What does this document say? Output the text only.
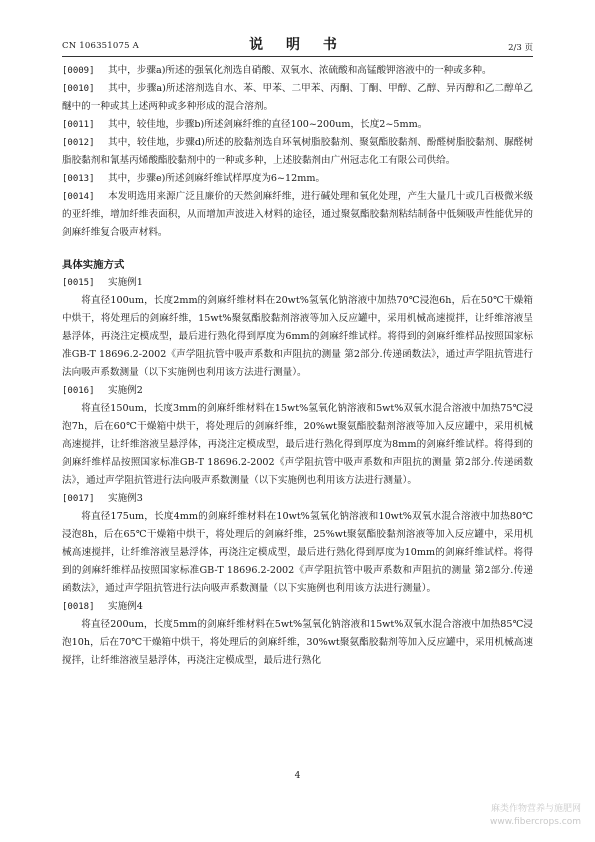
CN 106351075 A	说 明 书	2/3 页

[0009] 其中，步骤a)所述的强氧化剂选自硝酸、双氧水、浓硫酸和高锰酸钾溶液中的一种或多种。

[0010] 其中，步骤a)所述溶剂选自水、苯、甲苯、二甲苯、丙酮、丁酮、甲醇、乙醇、异丙醇和乙二醇单乙醚中的一种或其上述两种或多种形成的混合溶剂。

[0011] 其中，较佳地，步骤b)所述剑麻纤维的直径100~200um，长度2~5mm。

[0012] 其中，较佳地，步骤d)所述的胶黏剂选自环氧树脂胶黏剂、聚氨酯胶黏剂、酚醛树脂胶黏剂、脲醛树脂胶黏剂和氰基丙烯酸酯胶黏剂中的一种或多种，上述胶黏剂由广州冠志化工有限公司供给。

[0013] 其中，步骤e)所述剑麻纤维试样厚度为6~12mm。

[0014] 本发明选用来源广泛且廉价的天然剑麻纤维，进行碱处理和氧化处理，产生大量几十或几百极微米级的亚纤维，增加纤维表面积，从而增加声波进入材料的途径，通过聚氨酯胶黏剂粘结制备中低频吸声性能优异的剑麻纤维复合吸声材料。

具体实施方式

[0015] 实施例1

将直径100um，长度2mm的剑麻纤维材料在20wt%氢氧化钠溶液中加热70℃浸泡6h，后在50℃干燥箱中烘干，将处理后的剑麻纤维，15wt%聚氨酯胶黏剂溶液等加入反应罐中，采用机械高速搅拌，让纤维溶液呈悬浮体，再浇注定模成型，最后进行熟化得到厚度为6mm的剑麻纤维试样。将得到的剑麻纤维样品按照国家标准GB-T 18696.2-2002《声学阻抗管中吸声系数和声阻抗的测量 第2部分.传递函数法》，通过声学阻抗管进行法向吸声系数测量（以下实施例也利用该方法进行测量）。

[0016] 实施例2

将直径150um，长度3mm的剑麻纤维材料在15wt%氢氧化钠溶液和5wt%双氧水混合溶液中加热75℃浸泡7h，后在60℃干燥箱中烘干，将处理后的剑麻纤维，20%wt聚氨酯胶黏剂溶液等加入反应罐中，采用机械高速搅拌，让纤维溶液呈悬浮体，再浇注定模成型，最后进行熟化得到厚度为8mm的剑麻纤维试样。将得到的剑麻纤维样品按照国家标准GB-T 18696.2-2002《声学阻抗管中吸声系数和声阻抗的测量 第2部分.传递函数法》，通过声学阻抗管进行法向吸声系数测量（以下实施例也利用该方法进行测量）。

[0017] 实施例3

将直径175um，长度4mm的剑麻纤维材料在10wt%氢氧化钠溶液和10wt%双氧水混合溶液中加热80℃浸泡8h，后在65℃干燥箱中烘干，将处理后的剑麻纤维，25%wt聚氨酯胶黏剂溶液等加入反应罐中，采用机械高速搅拌，让纤维溶液呈悬浮体，再浇注定模成型，最后进行熟化得到厚度为10mm的剑麻纤维试样。将得到的剑麻纤维样品按照国家标准GB-T 18696.2-2002《声学阻抗管中吸声系数和声阻抗的测量 第2部分.传递函数法》，通过声学阻抗管进行法向吸声系数测量（以下实施例也利用该方法进行测量）。

[0018] 实施例4

将直径200um，长度5mm的剑麻纤维材料在5wt%氢氧化钠溶液和15wt%双氧水混合溶液中加热85℃浸泡10h，后在70℃干燥箱中烘干，将处理后的剑麻纤维，30%wt聚氨酯胶黏剂等加入反应罐中，采用机械高速搅拌，让纤维溶液呈悬浮体，再浇注定模成型，最后进行熟化

4
麻类作物营养与施肥网
www.fibercrops.com
